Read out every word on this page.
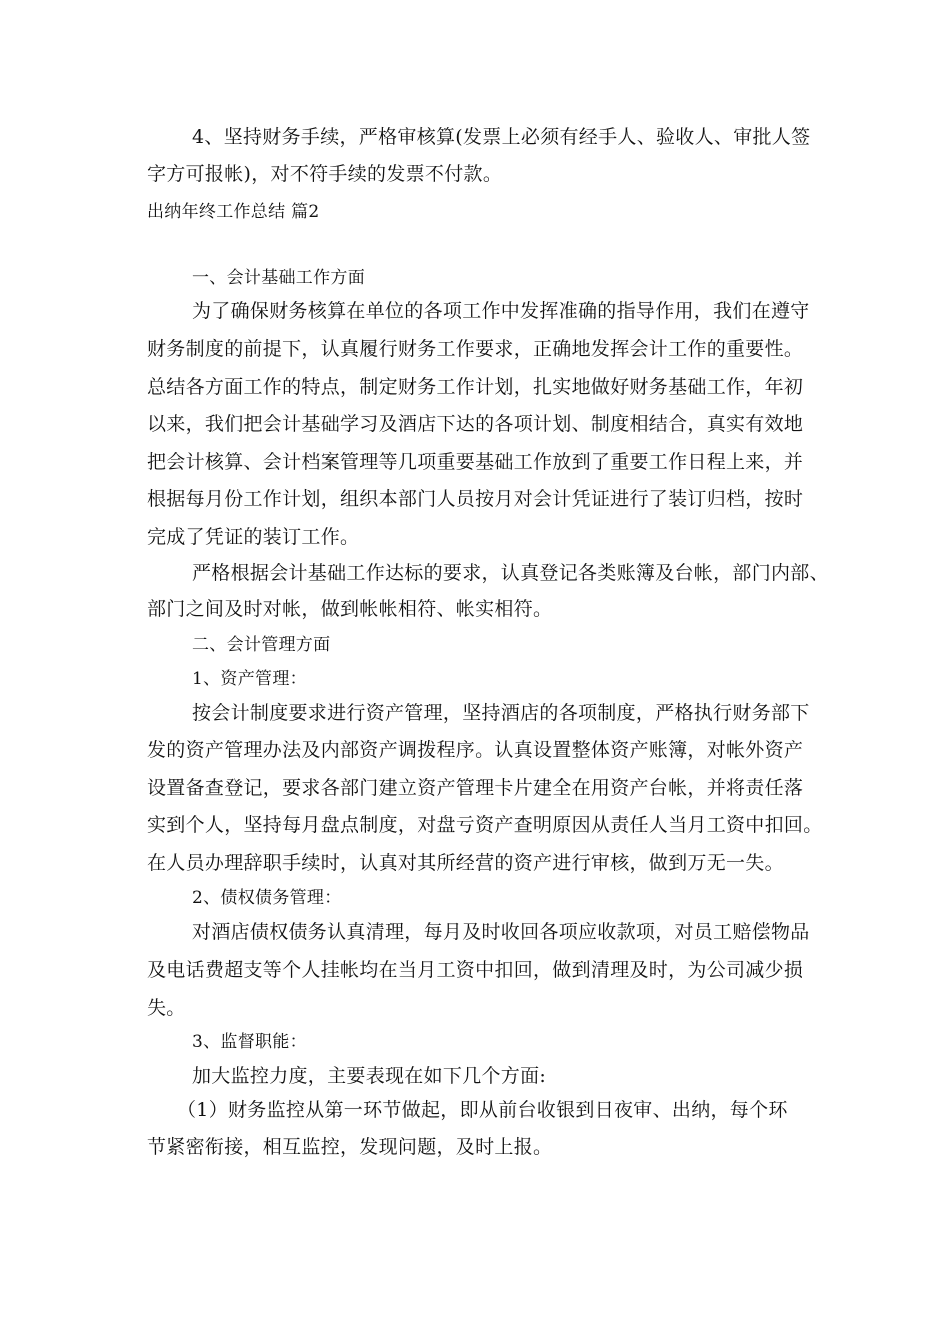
4、坚持财务手续，严格审核算(发票上必须有经手人、验收人、审批人签
字方可报帐)，对不符手续的发票不付款。
出纳年终工作总结 篇2
一、会计基础工作方面
为了确保财务核算在单位的各项工作中发挥准确的指导作用，我们在遵守
财务制度的前提下，认真履行财务工作要求，正确地发挥会计工作的重要性。
总结各方面工作的特点，制定财务工作计划，扎实地做好财务基础工作，年初
以来，我们把会计基础学习及酒店下达的各项计划、制度相结合，真实有效地
把会计核算、会计档案管理等几项重要基础工作放到了重要工作日程上来，并
根据每月份工作计划，组织本部门人员按月对会计凭证进行了装订归档，按时
完成了凭证的装订工作。
严格根据会计基础工作达标的要求，认真登记各类账簿及台帐，部门内部、
部门之间及时对帐，做到帐帐相符、帐实相符。
二、会计管理方面
1、资产管理：
按会计制度要求进行资产管理，坚持酒店的各项制度，严格执行财务部下
发的资产管理办法及内部资产调拨程序。认真设置整体资产账簿，对帐外资产
设置备查登记，要求各部门建立资产管理卡片建全在用资产台帐，并将责任落
实到个人，坚持每月盘点制度，对盘亏资产查明原因从责任人当月工资中扣回。
在人员办理辞职手续时，认真对其所经营的资产进行审核，做到万无一失。
2、债权债务管理：
对酒店债权债务认真清理，每月及时收回各项应收款项，对员工赔偿物品
及电话费超支等个人挂帐均在当月工资中扣回，做到清理及时，为公司减少损
失。
3、监督职能：
加大监控力度，主要表现在如下几个方面:
（1）财务监控从第一环节做起，即从前台收银到日夜审、出纳，每个环
节紧密衔接，相互监控，发现问题，及时上报。
